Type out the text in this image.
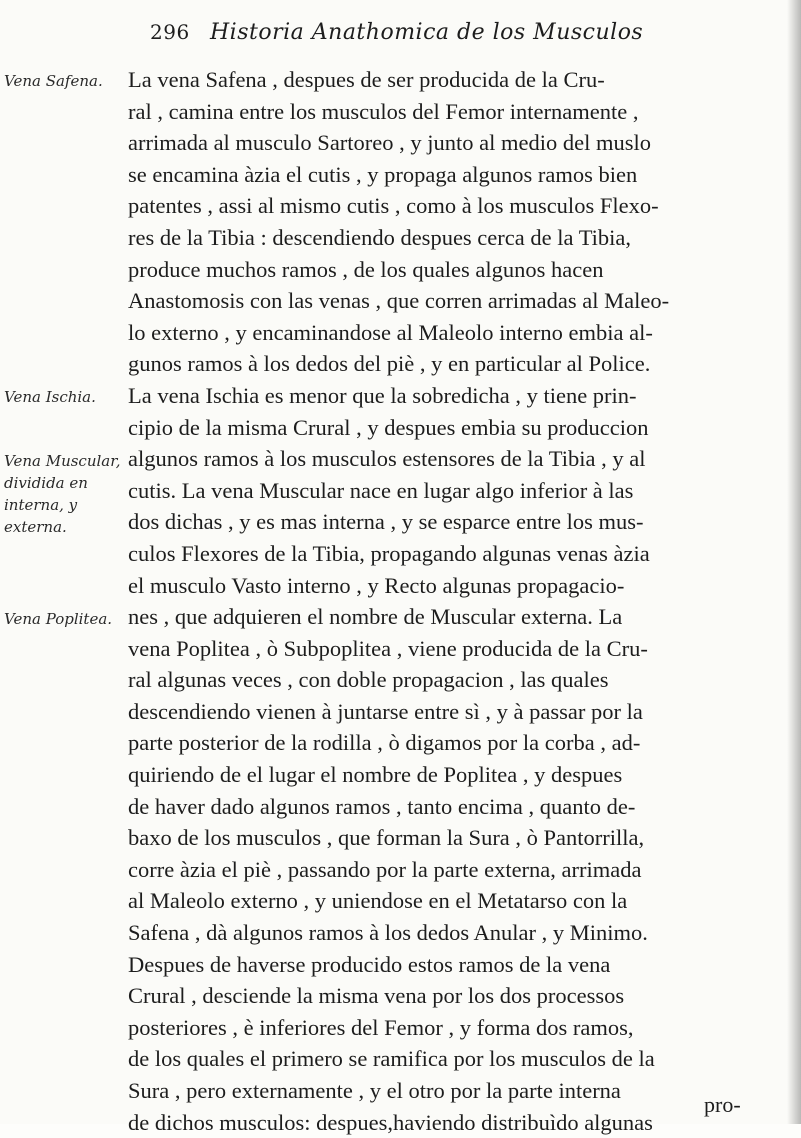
296 Historia Anathomica de los Musculos
Vena Safena.
Vena Ischia.
Vena Muscular, dividida en interna, y externa.
Vena Poplitea.
La vena Safena , despues de ser producida de la Cru-
ral , camina entre los musculos del Femor internamente ,
arrimada al musculo Sartoreo , y junto al medio del muslo
se encamina àzia el cutis , y propaga algunos ramos bien
patentes , assi al mismo cutis , como à los musculos Flexo-
res de la Tibia : descendiendo despues cerca de la Tibia,
produce muchos ramos , de los quales algunos hacen
Anastomosis con las venas , que corren arrimadas al Maleo-
lo externo , y encaminandose al Maleolo interno embia al-
gunos ramos à los dedos del piè , y en particular al Police.
La vena Ischia es menor que la sobredicha , y tiene prin-
cipio de la misma Crural , y despues embia su produccion
algunos ramos à los musculos estensores de la Tibia , y al
cutis. La vena Muscular nace en lugar algo inferior à las
dos dichas , y es mas interna , y se esparce entre los mus-
culos Flexores de la Tibia, propagando algunas venas àzia
el musculo Vasto interno , y Recto algunas propagacio-
nes , que adquieren el nombre de Muscular externa. La
vena Poplitea , ò Subpoplitea , viene producida de la Cru-
ral algunas veces , con doble propagacion , las quales
descendiendo vienen à juntarse entre sì , y à passar por la
parte posterior de la rodilla , ò digamos por la corba , ad-
quiriendo de el lugar el nombre de Poplitea , y despues
de haver dado algunos ramos , tanto encima , quanto de-
baxo de los musculos , que forman la Sura , ò Pantorrilla,
corre àzia el piè , passando por la parte externa, arrimada
al Maleolo externo , y uniendose en el Metatarso con la
Safena , dà algunos ramos à los dedos Anular , y Minimo.
Despues de haverse producido estos ramos de la vena
Crural , desciende la misma vena por los dos processos
posteriores , è inferiores del Femor , y forma dos ramos,
de los quales el primero se ramifica por los musculos de la
Sura , pero externamente , y el otro por la parte interna
de dichos musculos: despues,haviendo distribuìdo algunas
pro-
